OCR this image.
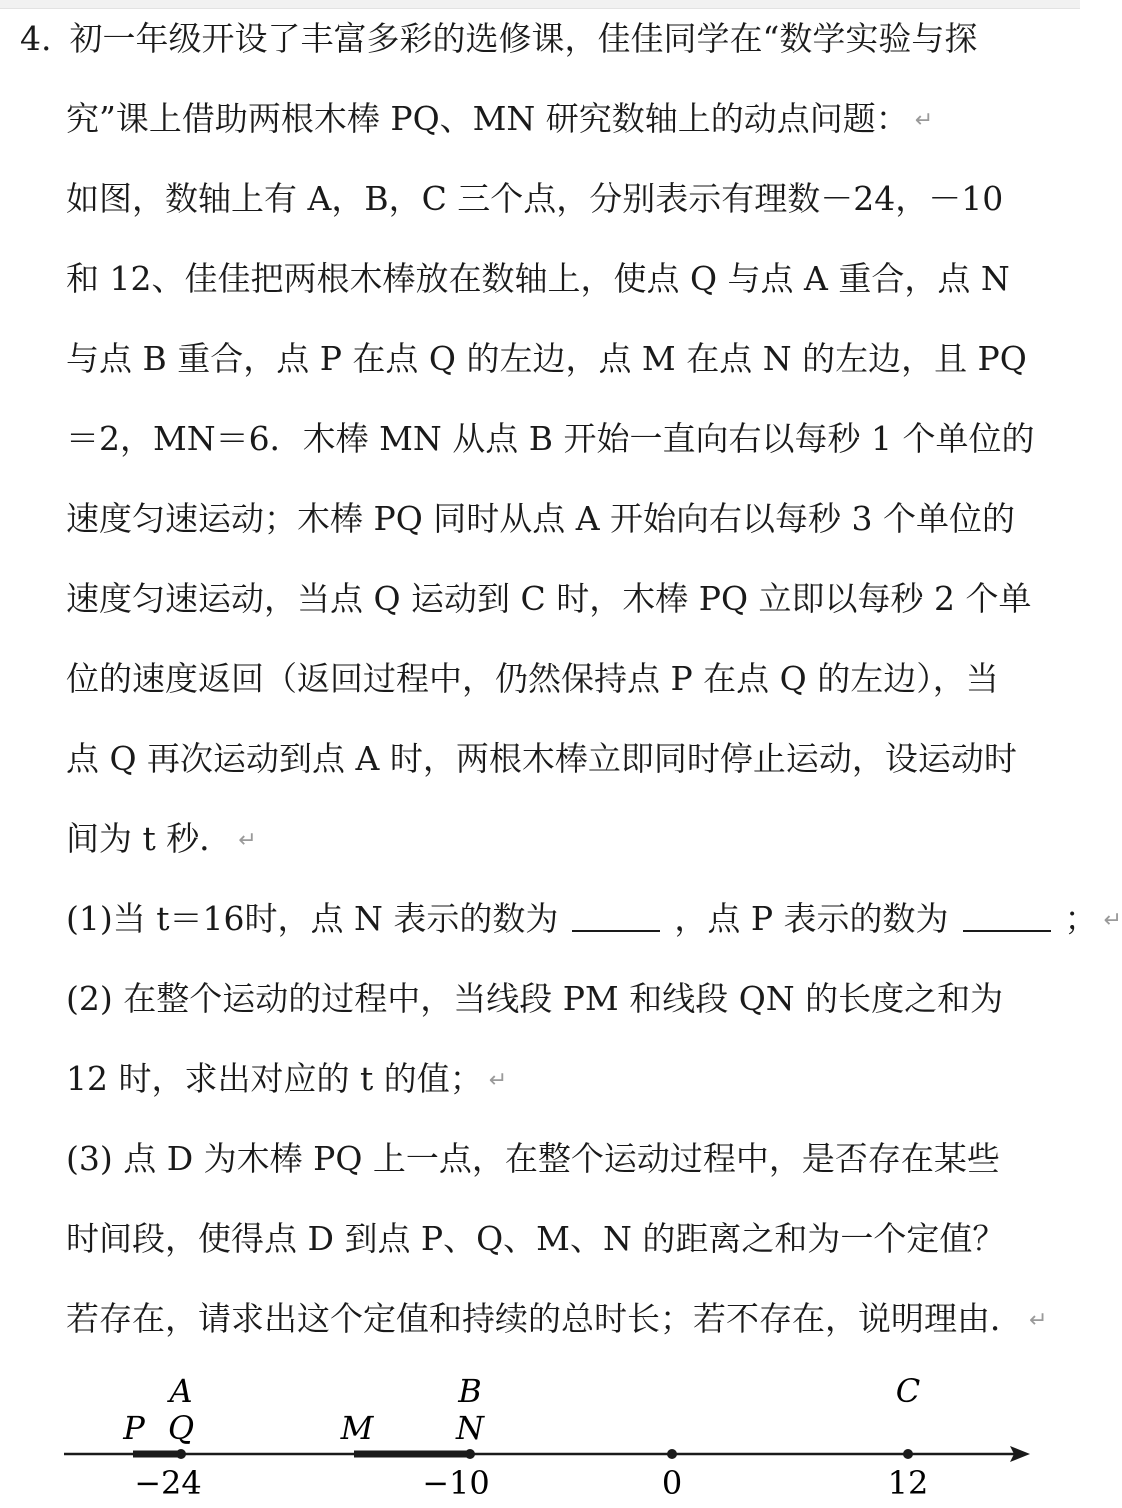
4. 初一年级开设了丰富多彩的选修课，佳佳同学在“数学实验与探
究”课上借助两根木棒 PQ、MN 研究数轴上的动点问题： ↵
如图，数轴上有 A，B，C 三个点，分别表示有理数－24，－10
和 12、佳佳把两根木棒放在数轴上，使点 Q 与点 A 重合，点 N
与点 B 重合，点 P 在点 Q 的左边，点 M 在点 N 的左边，且 PQ
＝2，MN＝6．木棒 MN 从点 B 开始一直向右以每秒 1 个单位的
速度匀速运动；木棒 PQ 同时从点 A 开始向右以每秒 3 个单位的
速度匀速运动，当点 Q 运动到 C 时，木棒 PQ 立即以每秒 2 个单
位的速度返回（返回过程中，仍然保持点 P 在点 Q 的左边），当
点 Q 再次运动到点 A 时，两根木棒立即同时停止运动，设运动时
间为 t 秒． ↵
(1)当 t＝16时，点 N 表示的数为	，点 P 表示的数为	； ↵
(2) 在整个运动的过程中，当线段 PM 和线段 QN 的长度之和为
12 时，求出对应的 t 的值； ↵
(3) 点 D 为木棒 PQ 上一点，在整个运动过程中，是否存在某些
时间段，使得点 D 到点 P、Q、M、N 的距离之和为一个定值？
若存在，请求出这个定值和持续的总时长；若不存在，说明理由． ↵
A	B	C
P Q	M	N
−24	−10	0	12
